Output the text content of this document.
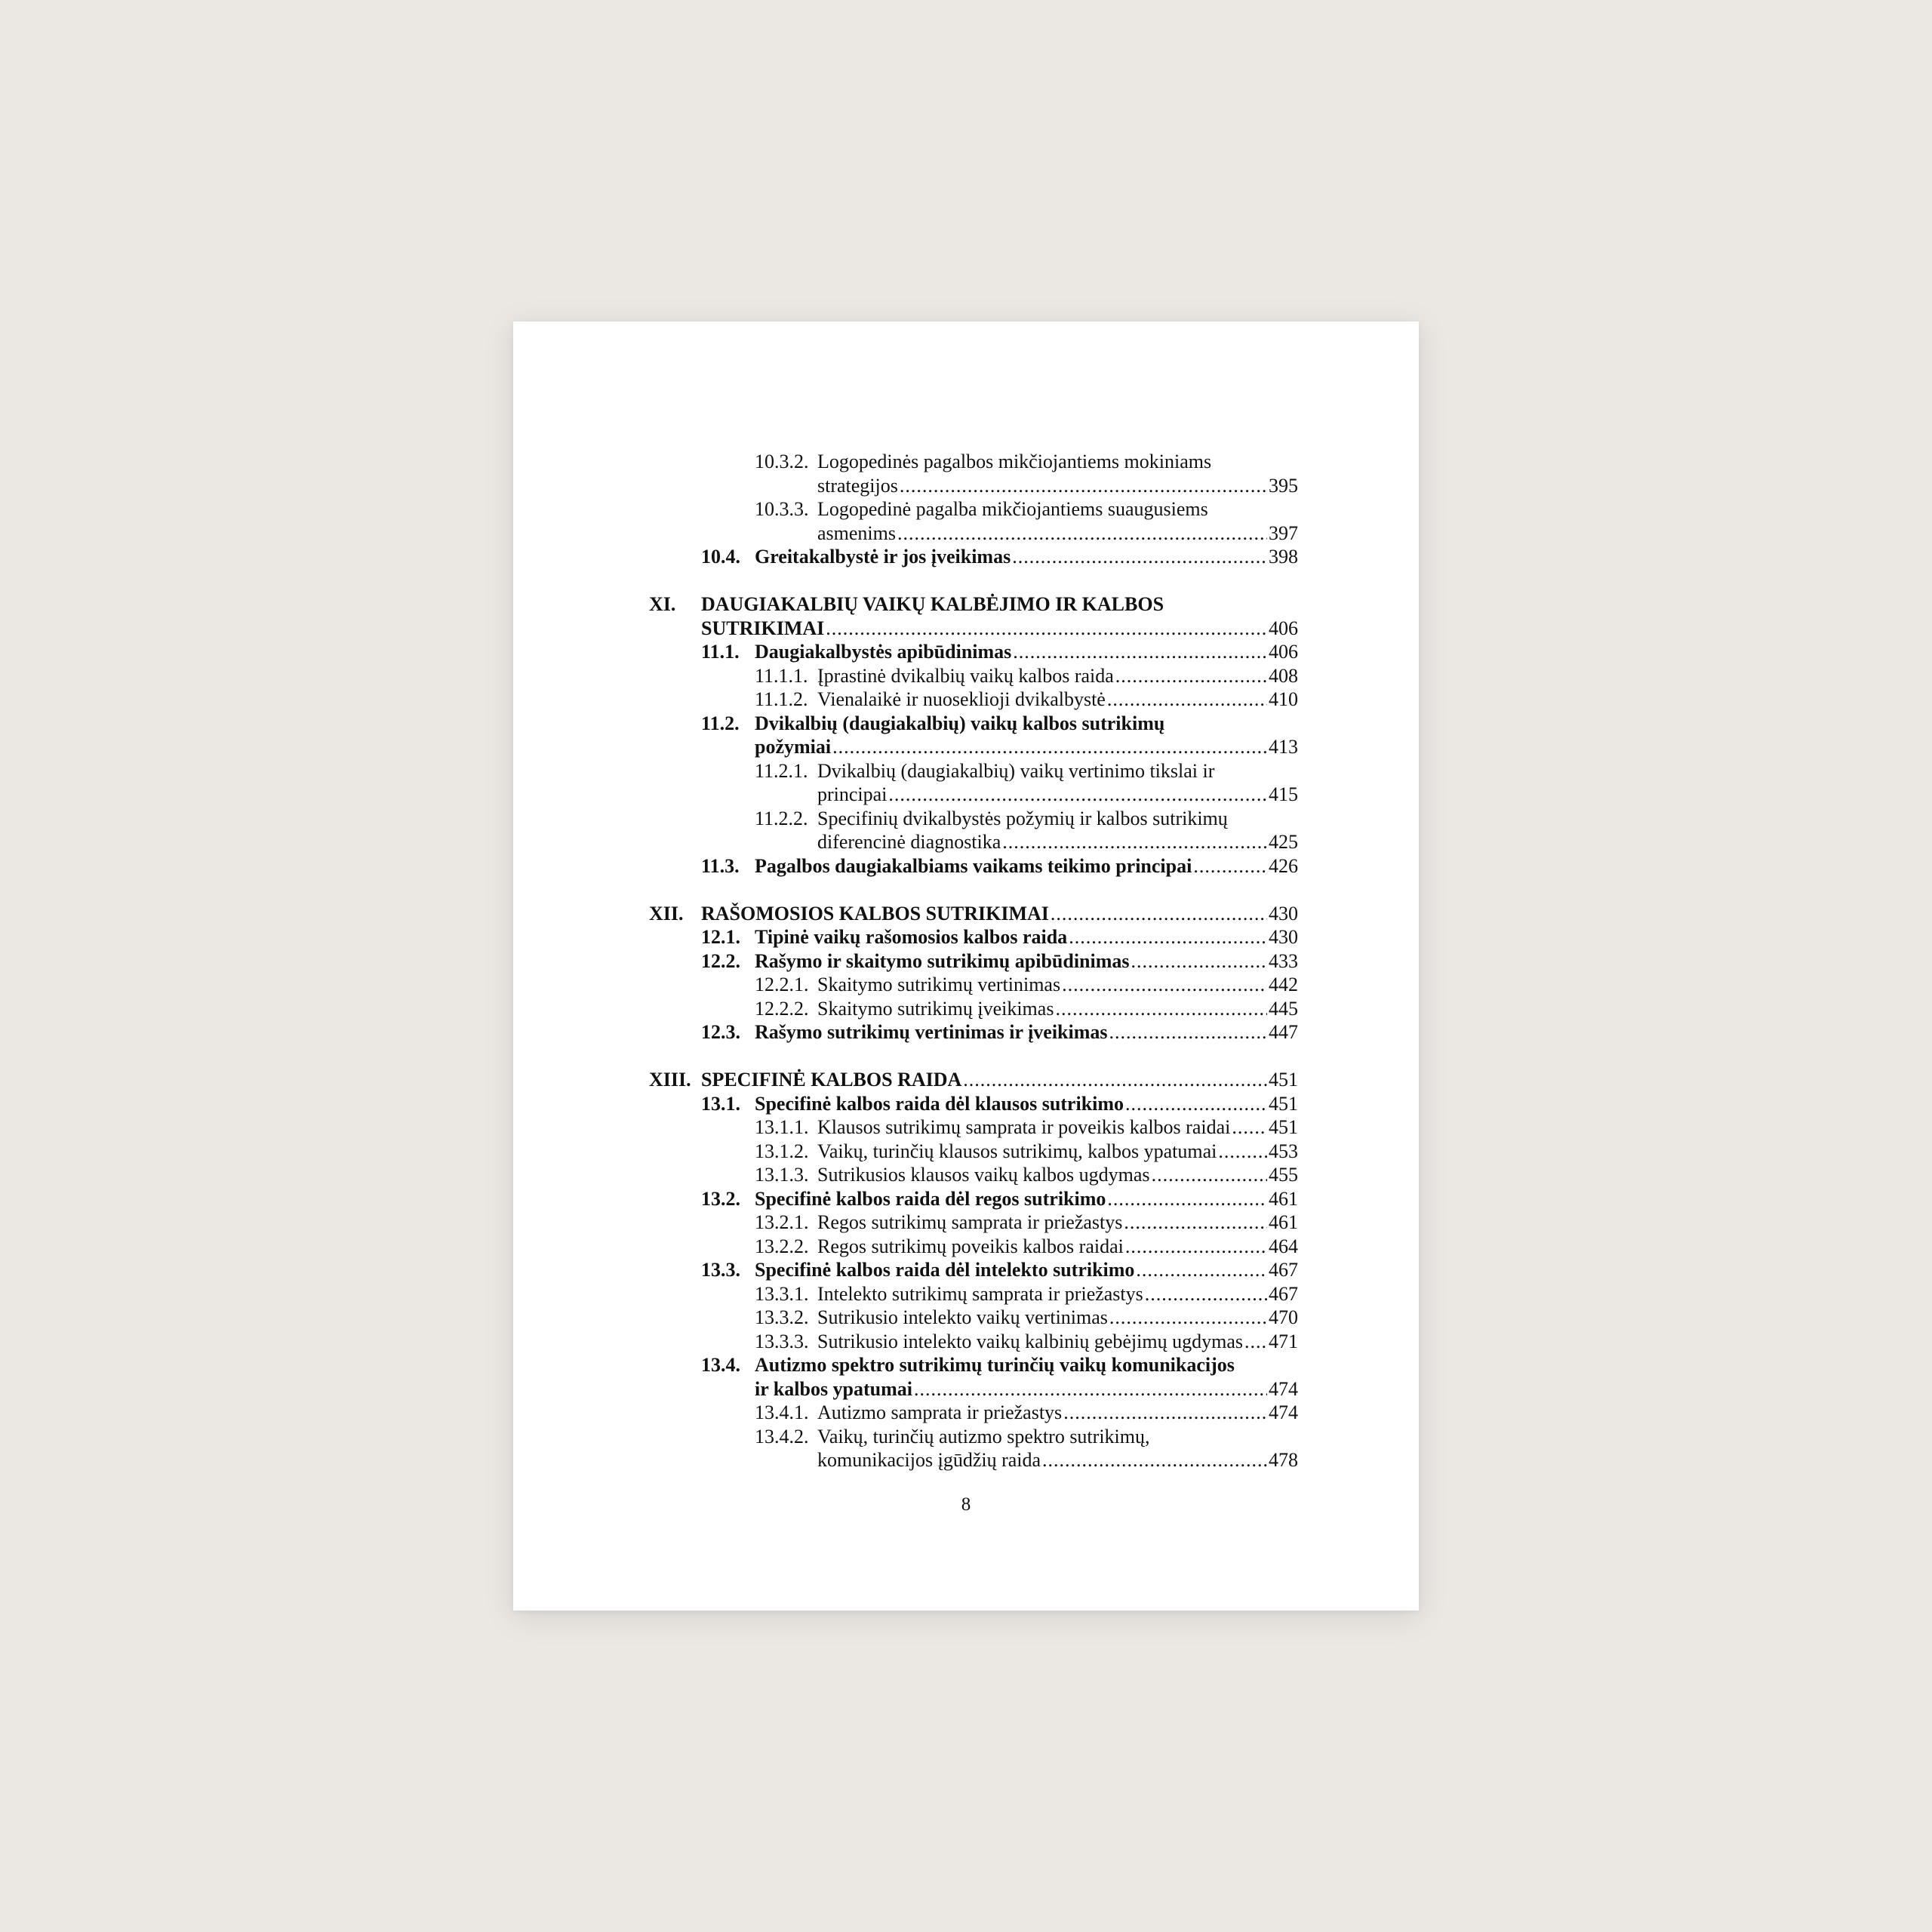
10.3.2. Logopedinės pagalbos mikčiojantiems mokiniams
strategijos .....	395
10.3.3. Logopedinė pagalba mikčiojantiems suaugusiems
asmenims .....	397
10.4. Greitakalbystė ir jos įveikimas .....	398
XI. DAUGIAKALBIŲ VAIKŲ KALBĖJIMO IR KALBOS
SUTRIKIMAI .....	406
11.1. Daugiakalbystės apibūdinimas .....	406
11.1.1. Įprastinė dvikalbių vaikų kalbos raida .....	408
11.1.2. Vienalaikė ir nuoseklioji dvikalbystė .....	410
11.2. Dvikalbių (daugiakalbių) vaikų kalbos sutrikimų
požymiai .....	413
11.2.1. Dvikalbių (daugiakalbių) vaikų vertinimo tikslai ir
principai .....	415
11.2.2. Specifinių dvikalbystės požymių ir kalbos sutrikimų
diferencinė diagnostika .....	425
11.3. Pagalbos daugiakalbiams vaikams teikimo principai .....	426
XII. RAŠOMOSIOS KALBOS SUTRIKIMAI .....	430
12.1. Tipinė vaikų rašomosios kalbos raida .....	430
12.2. Rašymo ir skaitymo sutrikimų apibūdinimas .....	433
12.2.1. Skaitymo sutrikimų vertinimas .....	442
12.2.2. Skaitymo sutrikimų įveikimas .....	445
12.3. Rašymo sutrikimų vertinimas ir įveikimas .....	447
XIII. SPECIFINĖ KALBOS RAIDA .....	451
13.1. Specifinė kalbos raida dėl klausos sutrikimo .....	451
13.1.1. Klausos sutrikimų samprata ir poveikis kalbos raidai ..... 451
13.1.2. Vaikų, turinčių klausos sutrikimų, kalbos ypatumai .....	453
13.1.3. Sutrikusios klausos vaikų kalbos ugdymas .....	455
13.2. Specifinė kalbos raida dėl regos sutrikimo .....	461
13.2.1. Regos sutrikimų samprata ir priežastys .....	461
13.2.2. Regos sutrikimų poveikis kalbos raidai .....	464
13.3. Specifinė kalbos raida dėl intelekto sutrikimo .....	467
13.3.1. Intelekto sutrikimų samprata ir priežastys .....	467
13.3.2. Sutrikusio intelekto vaikų vertinimas .....	470
13.3.3. Sutrikusio intelekto vaikų kalbinių gebėjimų ugdymas ..... 471
13.4. Autizmo spektro sutrikimų turinčių vaikų komunikacijos
ir kalbos ypatumai .....	474
13.4.1. Autizmo samprata ir priežastys .....	474
13.4.2. Vaikų, turinčių autizmo spektro sutrikimų,
komunikacijos įgūdžių raida .....	478
8
